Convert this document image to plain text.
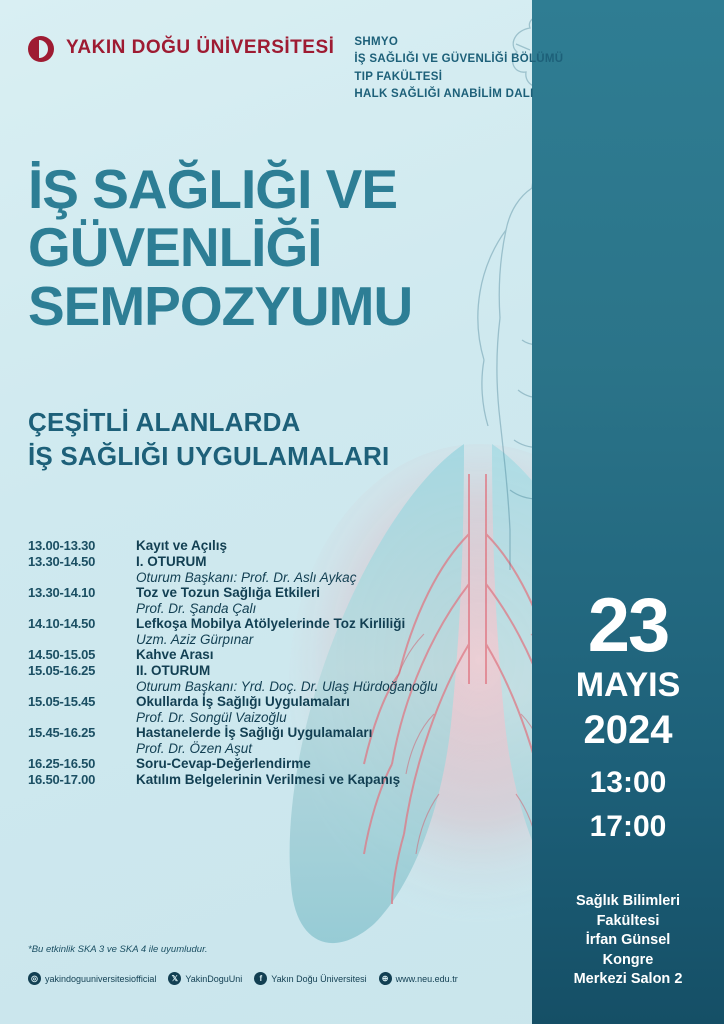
23
MAYIS
2024
13:00
17:00
Sağlık Bilimleri
Fakültesi
İrfan Günsel
Kongre
Merkezi Salon 2
YAKIN DOĞU ÜNİVERSİTESİ SHMYO
İŞ SAĞLIĞI VE GÜVENLİĞİ BÖLÜMÜ
TIP FAKÜLTESİ
HALK SAĞLIĞI ANABİLİM DALI
İŞ SAĞLIĞI VE
GÜVENLİĞİ
SEMPOZYUMU
ÇEŞİTLİ ALANLARDA
İŞ SAĞLIĞI UYGULAMALARI
13.00-13.30	Kayıt ve Açılış
13.30-14.50	I. OTURUM
Oturum Başkanı: Prof. Dr. Aslı Aykaç
13.30-14.10	Toz ve Tozun Sağlığa Etkileri
Prof. Dr. Şanda Çalı
14.10-14.50	Lefkoşa Mobilya Atölyelerinde Toz Kirliliği
Uzm. Aziz Gürpınar
14.50-15.05	Kahve Arası
15.05-16.25	II. OTURUM
Oturum Başkanı: Yrd. Doç. Dr. Ulaş Hürdoğanoğlu
15.05-15.45	Okullarda İş Sağlığı Uygulamaları
Prof. Dr. Songül Vaizoğlu
15.45-16.25	Hastanelerde İş Sağlığı Uygulamaları
Prof. Dr. Özen Aşut
16.25-16.50	Soru-Cevap-Değerlendirme
16.50-17.00	Katılım Belgelerinin Verilmesi ve Kapanış
*Bu etkinlik SKA 3 ve SKA 4 ile uyumludur.
◎ yakindoguuniversitesiofficial	𝕏 YakinDoguUni	f	Yakın Doğu Üniversitesi	⊕ www.neu.edu.tr
